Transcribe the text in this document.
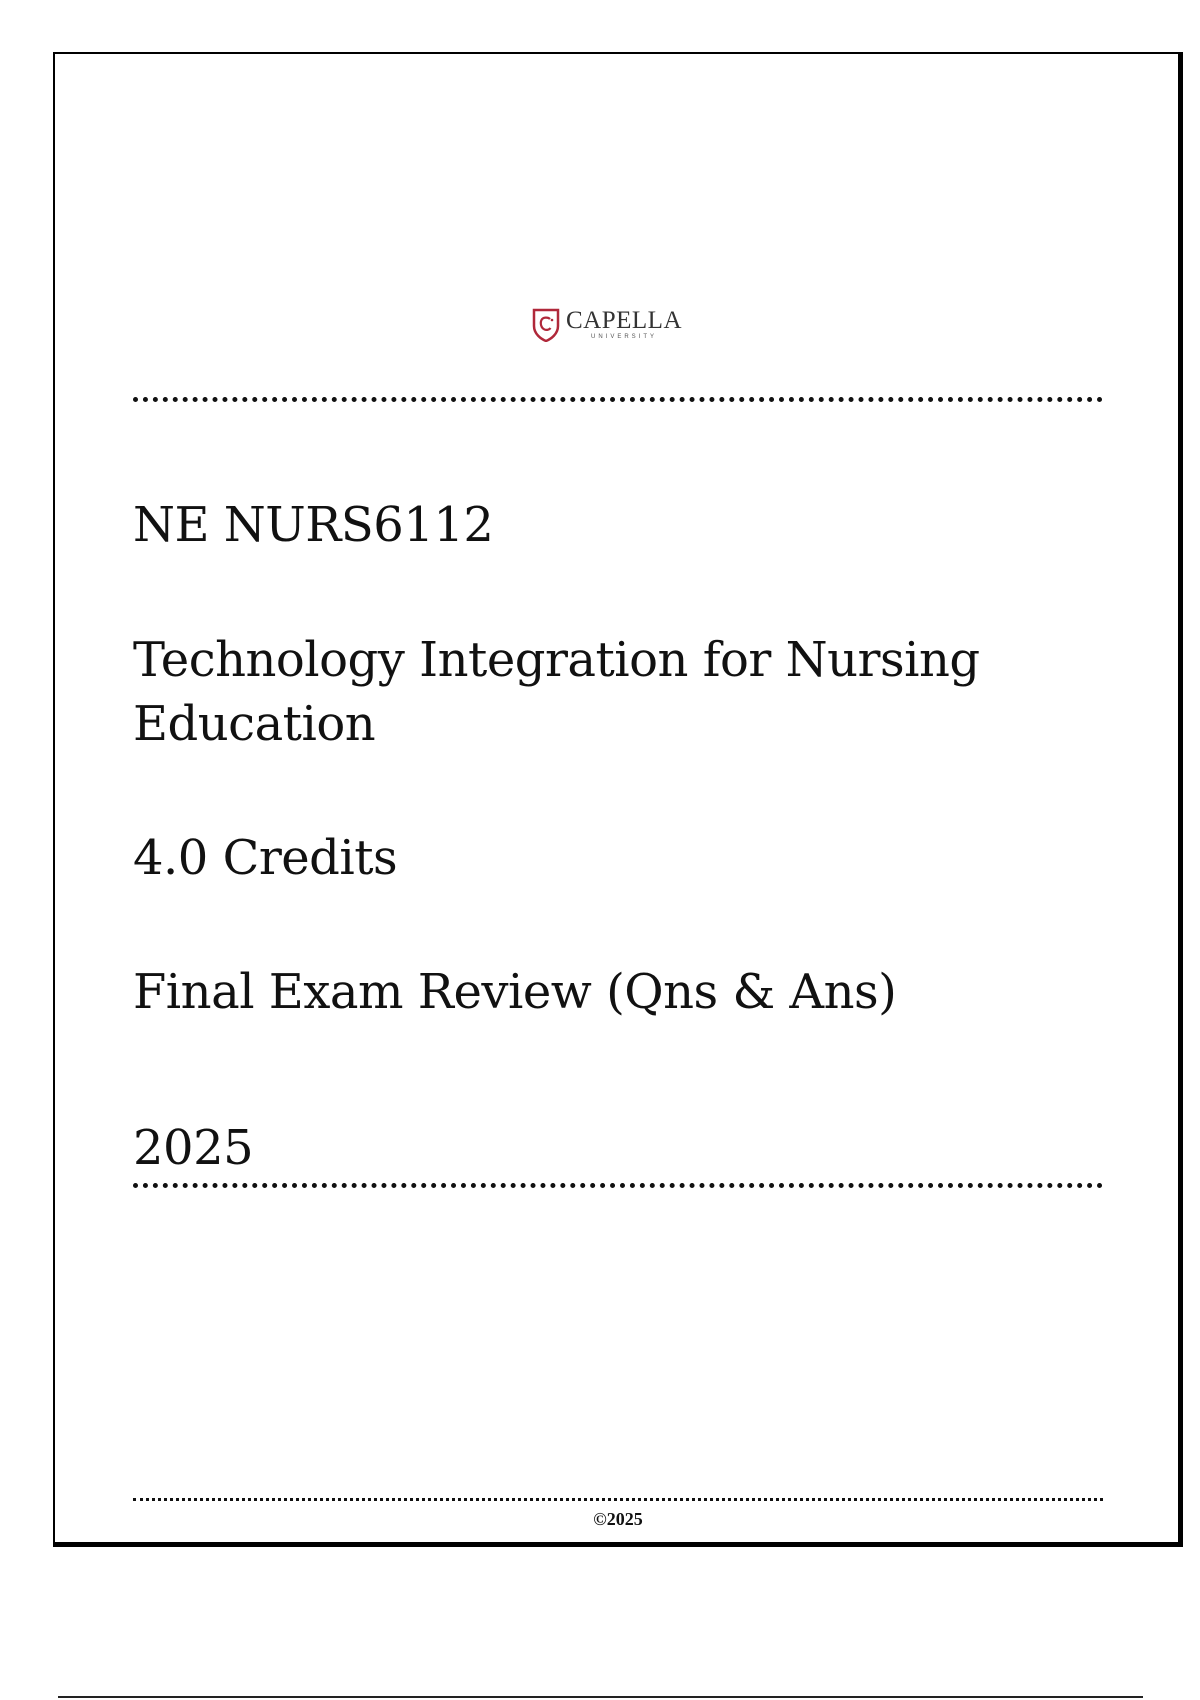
CAPELLA
UNIVERSITY
NE NURS6112
Technology Integration for Nursing
Education
4.0 Credits
Final Exam Review (Qns & Ans)
2025
©2025
